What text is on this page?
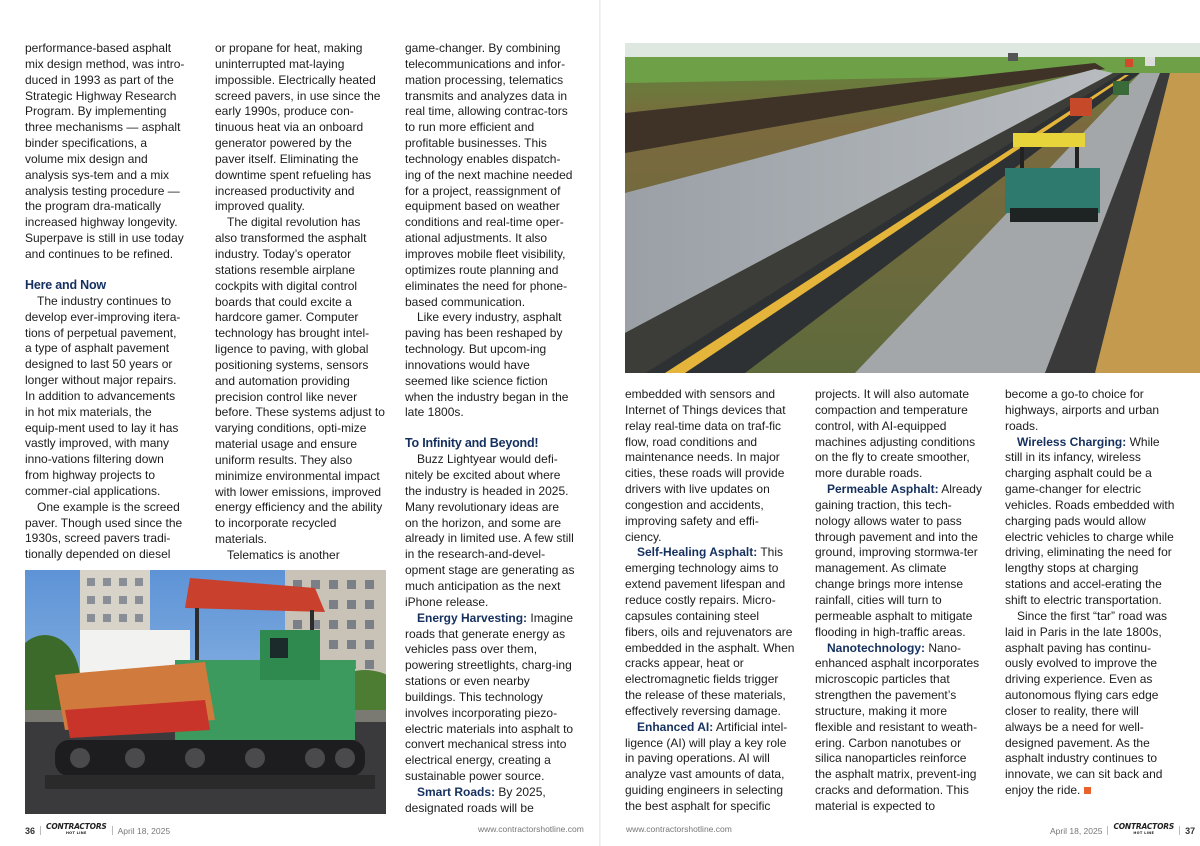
performance-based asphalt mix design method, was intro-duced in 1993 as part of the Strategic Highway Research Program. By implementing three mechanisms — asphalt binder specifications, a volume mix design and analysis sys-tem and a mix analysis testing procedure — the program dra-matically increased highway longevity. Superpave is still in use today and continues to be refined.

Here and Now

The industry continues to develop ever-improving itera-tions of perpetual pavement, a type of asphalt pavement designed to last 50 years or longer without major repairs. In addition to advancements in hot mix materials, the equip-ment used to lay it has vastly improved, with many inno-vations filtering down from highway projects to commer-cial applications.

One example is the screed paver. Though used since the 1930s, screed pavers tradi-tionally depended on diesel

or propane for heat, making uninterrupted mat-laying impossible. Electrically heated screed pavers, in use since the early 1990s, produce con-tinuous heat via an onboard generator powered by the paver itself. Eliminating the downtime spent refueling has increased productivity and improved quality.

The digital revolution has also transformed the asphalt industry. Today’s operator stations resemble airplane cockpits with digital control boards that could excite a hardcore gamer. Computer technology has brought intel-ligence to paving, with global positioning systems, sensors and automation providing precision control like never before. These systems adjust to varying conditions, opti-mize material usage and ensure uniform results. They also minimize environmental impact with lower emissions, improved energy efficiency and the ability to incorporate recycled materials.

Telematics is another

game-changer. By combining telecommunications and infor-mation processing, telematics transmits and analyzes data in real time, allowing contrac-tors to run more efficient and profitable businesses. This technology enables dispatch-ing of the next machine needed for a project, reassignment of equipment based on weather conditions and real-time oper-ational adjustments. It also improves mobile fleet visibility, optimizes route planning and eliminates the need for phone-based communication.

Like every industry, asphalt paving has been reshaped by technology. But upcom-ing innovations would have seemed like science fiction when the industry began in the late 1800s.

To Infinity and Beyond!

Buzz Lightyear would defi-nitely be excited about where the industry is headed in 2025. Many revolutionary ideas are on the horizon, and some are already in limited use. A few still in the research-and-devel-opment stage are generating as much anticipation as the next iPhone release.

Energy Harvesting: Imagine roads that generate energy as vehicles pass over them, powering streetlights, charg-ing stations or even nearby buildings. This technology involves incorporating piezo-electric materials into asphalt to convert mechanical stress into electrical energy, creating a sustainable power source.

Smart Roads: By 2025, designated roads will be

embedded with sensors and Internet of Things devices that relay real-time data on traf-fic flow, road conditions and maintenance needs. In major cities, these roads will provide drivers with live updates on congestion and accidents, improving safety and effi-ciency.

Self-Healing Asphalt: This emerging technology aims to extend pavement lifespan and reduce costly repairs. Micro-capsules containing steel fibers, oils and rejuvenators are embedded in the asphalt. When cracks appear, heat or electromagnetic fields trigger the release of these materials, effectively reversing damage.

Enhanced AI: Artificial intel-ligence (AI) will play a key role in paving operations. AI will analyze vast amounts of data, guiding engineers in selecting the best asphalt for specific

projects. It will also automate compaction and temperature control, with AI-equipped machines adjusting conditions on the fly to create smoother, more durable roads.

Permeable Asphalt: Already gaining traction, this tech-nology allows water to pass through pavement and into the ground, improving stormwa-ter management. As climate change brings more intense rainfall, cities will turn to permeable asphalt to mitigate flooding in high-traffic areas.

Nanotechnology: Nano-enhanced asphalt incorporates microscopic particles that strengthen the pavement’s structure, making it more flexible and resistant to weath-ering. Carbon nanotubes or silica nanoparticles reinforce the asphalt matrix, prevent-ing cracks and deformation. This material is expected to

become a go-to choice for highways, airports and urban roads.

Wireless Charging: While still in its infancy, wireless charging asphalt could be a game-changer for electric vehicles. Roads embedded with charging pads would allow electric vehicles to charge while driving, eliminating the need for lengthy stops at charging stations and accel-erating the shift to electric transportation.

Since the first “tar” road was laid in Paris in the late 1800s, asphalt paving has continu-ously evolved to improve the driving experience. Even as autonomous flying cars edge closer to reality, there will always be a need for well-designed pavement. As the asphalt industry continues to innovate, we can sit back and enjoy the ride.

36 CONTRACTORS
HOT LINE	April 18, 2025	www.contractorshotline.com	www.contractorshotline.com	April 18, 2025 CONTRACTORS
HOT LINE	37
